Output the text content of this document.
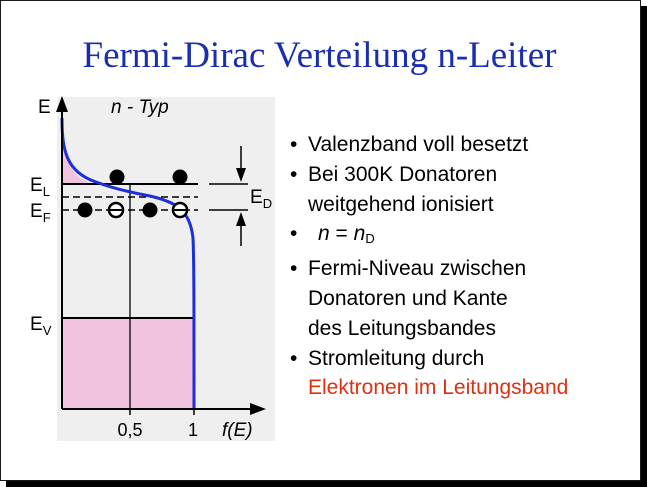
Fermi-Dirac Verteilung n-Leiter
E	n - Typ
$E_L$
$E_F$
$E_V$
$E_D$
0,5	1 f(E)
• Valenzband voll besetzt
• Bei 300K Donatoren
weitgehend ionisiert
• $n = n_D$
• Fermi-Niveau zwischen
Donatoren und Kante
des Leitungsbandes
• Stromleitung durch
Elektronen im Leitungsband
